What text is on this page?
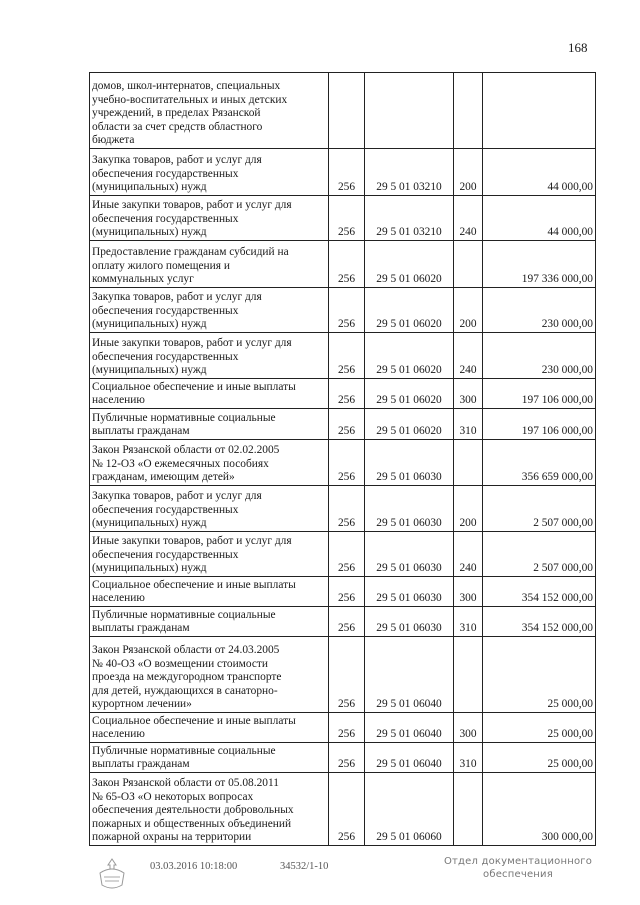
168
домов, школ-интернатов, специальных
учебно-воспитательных и иных детских
учреждений, в пределах Рязанской
области за счет средств областного
бюджета				
Закупка товаров, работ и услуг для
обеспечения государственных
(муниципальных) нужд	256	29 5 01 03210	200	44 000,00
Иные закупки товаров, работ и услуг для
обеспечения государственных
(муниципальных) нужд	256	29 5 01 03210	240	44 000,00
Предоставление гражданам субсидий на
оплату жилого помещения и
коммунальных услуг	256	29 5 01 06020		197 336 000,00
Закупка товаров, работ и услуг для
обеспечения государственных
(муниципальных) нужд	256	29 5 01 06020	200	230 000,00
Иные закупки товаров, работ и услуг для
обеспечения государственных
(муниципальных) нужд	256	29 5 01 06020	240	230 000,00
Социальное обеспечение и иные выплаты
населению	256	29 5 01 06020	300	197 106 000,00
Публичные нормативные социальные
выплаты гражданам	256	29 5 01 06020	310	197 106 000,00
Закон Рязанской области от 02.02.2005
№ 12-ОЗ «О ежемесячных пособиях
гражданам, имеющим детей»	256	29 5 01 06030		356 659 000,00
Закупка товаров, работ и услуг для
обеспечения государственных
(муниципальных) нужд	256	29 5 01 06030	200	2 507 000,00
Иные закупки товаров, работ и услуг для
обеспечения государственных
(муниципальных) нужд	256	29 5 01 06030	240	2 507 000,00
Социальное обеспечение и иные выплаты
населению	256	29 5 01 06030	300	354 152 000,00
Публичные нормативные социальные
выплаты гражданам	256	29 5 01 06030	310	354 152 000,00
Закон Рязанской области от 24.03.2005
№ 40-ОЗ «О возмещении стоимости
проезда на междугородном транспорте
для детей, нуждающихся в санаторно-
курортном лечении»	256	29 5 01 06040		25 000,00
Социальное обеспечение и иные выплаты
населению	256	29 5 01 06040	300	25 000,00
Публичные нормативные социальные
выплаты гражданам	256	29 5 01 06040	310	25 000,00
Закон Рязанской области от 05.08.2011
№ 65-ОЗ «О некоторых вопросах
обеспечения деятельности добровольных
пожарных и общественных объединений
пожарной охраны на территории	256	29 5 01 06060		300 000,00
03.03.2016 10:18:00	34532/1-10	Отдел документационного
обеспечения
